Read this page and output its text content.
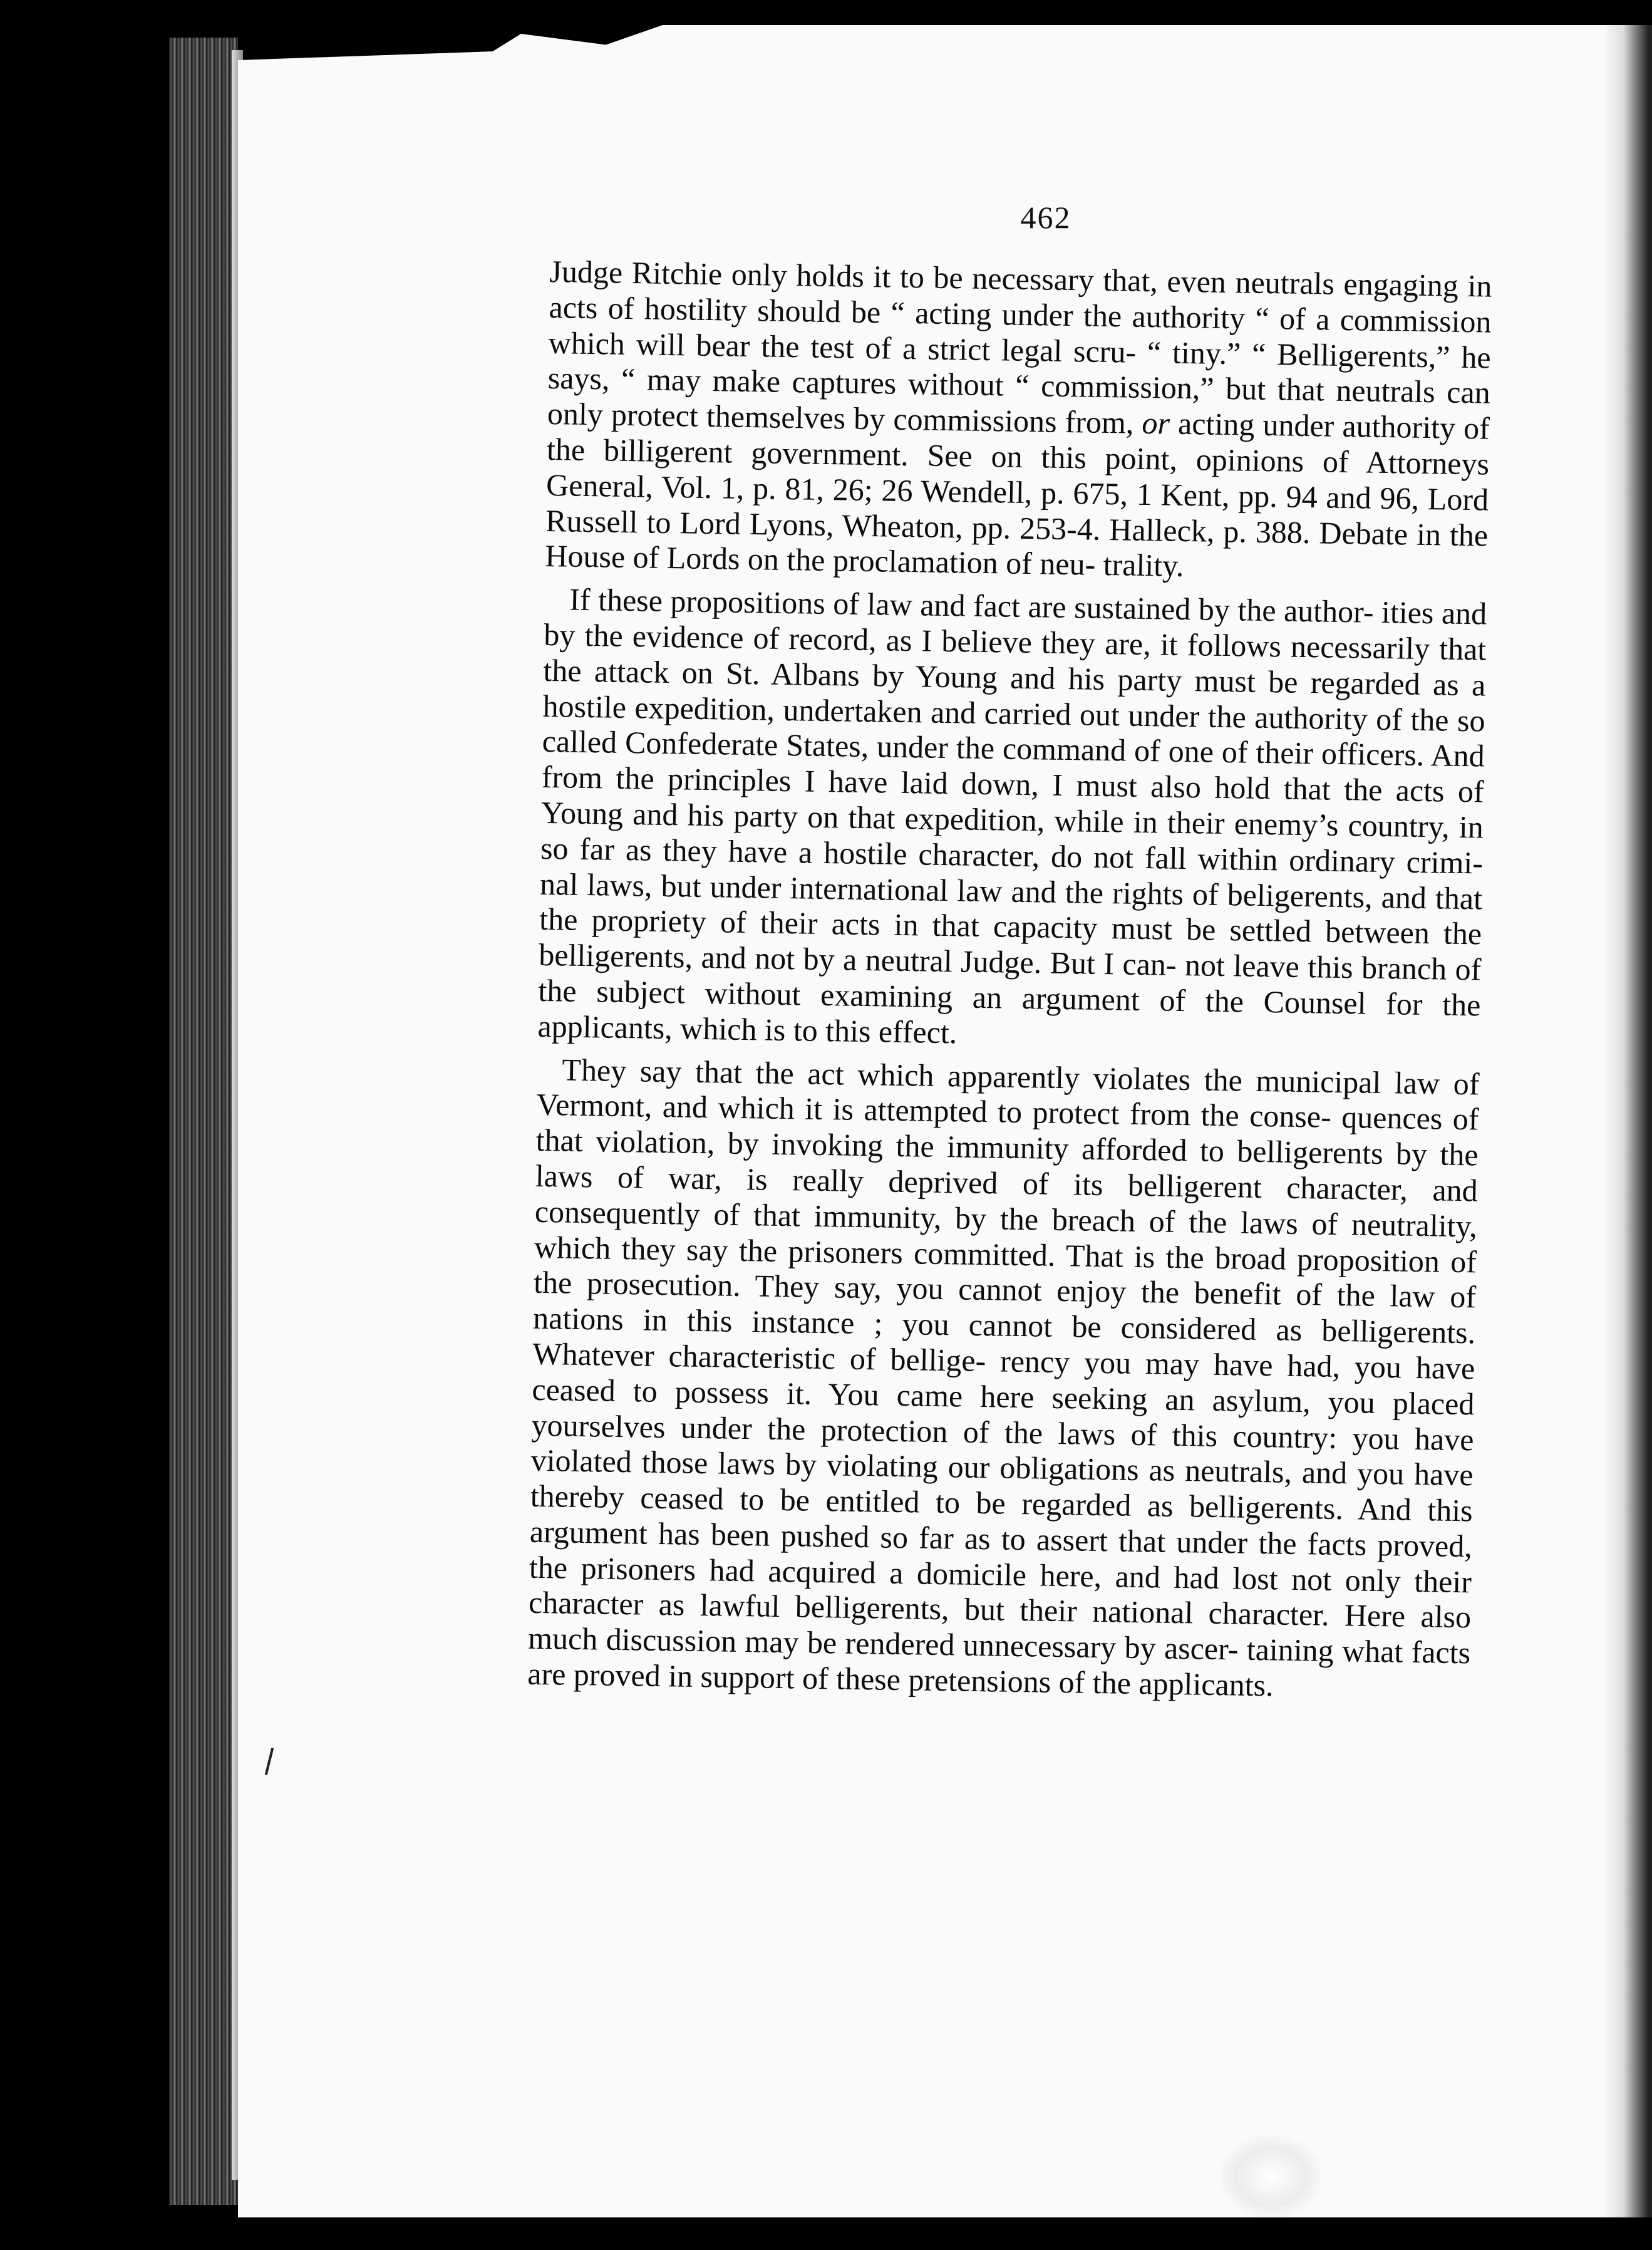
462

Judge Ritchie only holds it to be necessary that, even neutrals engaging in acts of hostility should be “ acting under the authority “ of a commission which will bear the test of a strict legal scru- “ tiny.” “ Belligerents,” he says, “ may make captures without “ commission,” but that neutrals can only protect themselves by commissions from, or acting under authority of the billigerent government. See on this point, opinions of Attorneys General, Vol. 1, p. 81, 26; 26 Wendell, p. 675, 1 Kent, pp. 94 and 96, Lord Russell to Lord Lyons, Wheaton, pp. 253-4. Halleck, p. 388. Debate in the House of Lords on the proclamation of neu- trality.

If these propositions of law and fact are sustained by the author- ities and by the evidence of record, as I believe they are, it follows necessarily that the attack on St. Albans by Young and his party must be regarded as a hostile expedition, undertaken and carried out under the authority of the so called Confederate States, under the command of one of their officers. And from the principles I have laid down, I must also hold that the acts of Young and his party on that expedition, while in their enemy’s country, in so far as they have a hostile character, do not fall within ordinary crimi- nal laws, but under international law and the rights of beligerents, and that the propriety of their acts in that capacity must be settled between the belligerents, and not by a neutral Judge. But I can- not leave this branch of the subject without examining an argument of the Counsel for the applicants, which is to this effect.

They say that the act which apparently violates the municipal law of Vermont, and which it is attempted to protect from the conse- quences of that violation, by invoking the immunity afforded to belligerents by the laws of war, is really deprived of its belligerent character, and consequently of that immunity, by the breach of the laws of neutrality, which they say the prisoners committed. That is the broad proposition of the prosecution. They say, you cannot enjoy the benefit of the law of nations in this instance ; you cannot be considered as belligerents. Whatever characteristic of bellige- rency you may have had, you have ceased to possess it. You came here seeking an asylum, you placed yourselves under the protection of the laws of this country: you have violated those laws by violating our obligations as neutrals, and you have thereby ceased to be entitled to be regarded as belligerents. And this argument has been pushed so far as to assert that under the facts proved, the prisoners had acquired a domicile here, and had lost not only their character as lawful belligerents, but their national character. Here also much discussion may be rendered unnecessary by ascer- taining what facts are proved in support of these pretensions of the applicants.
